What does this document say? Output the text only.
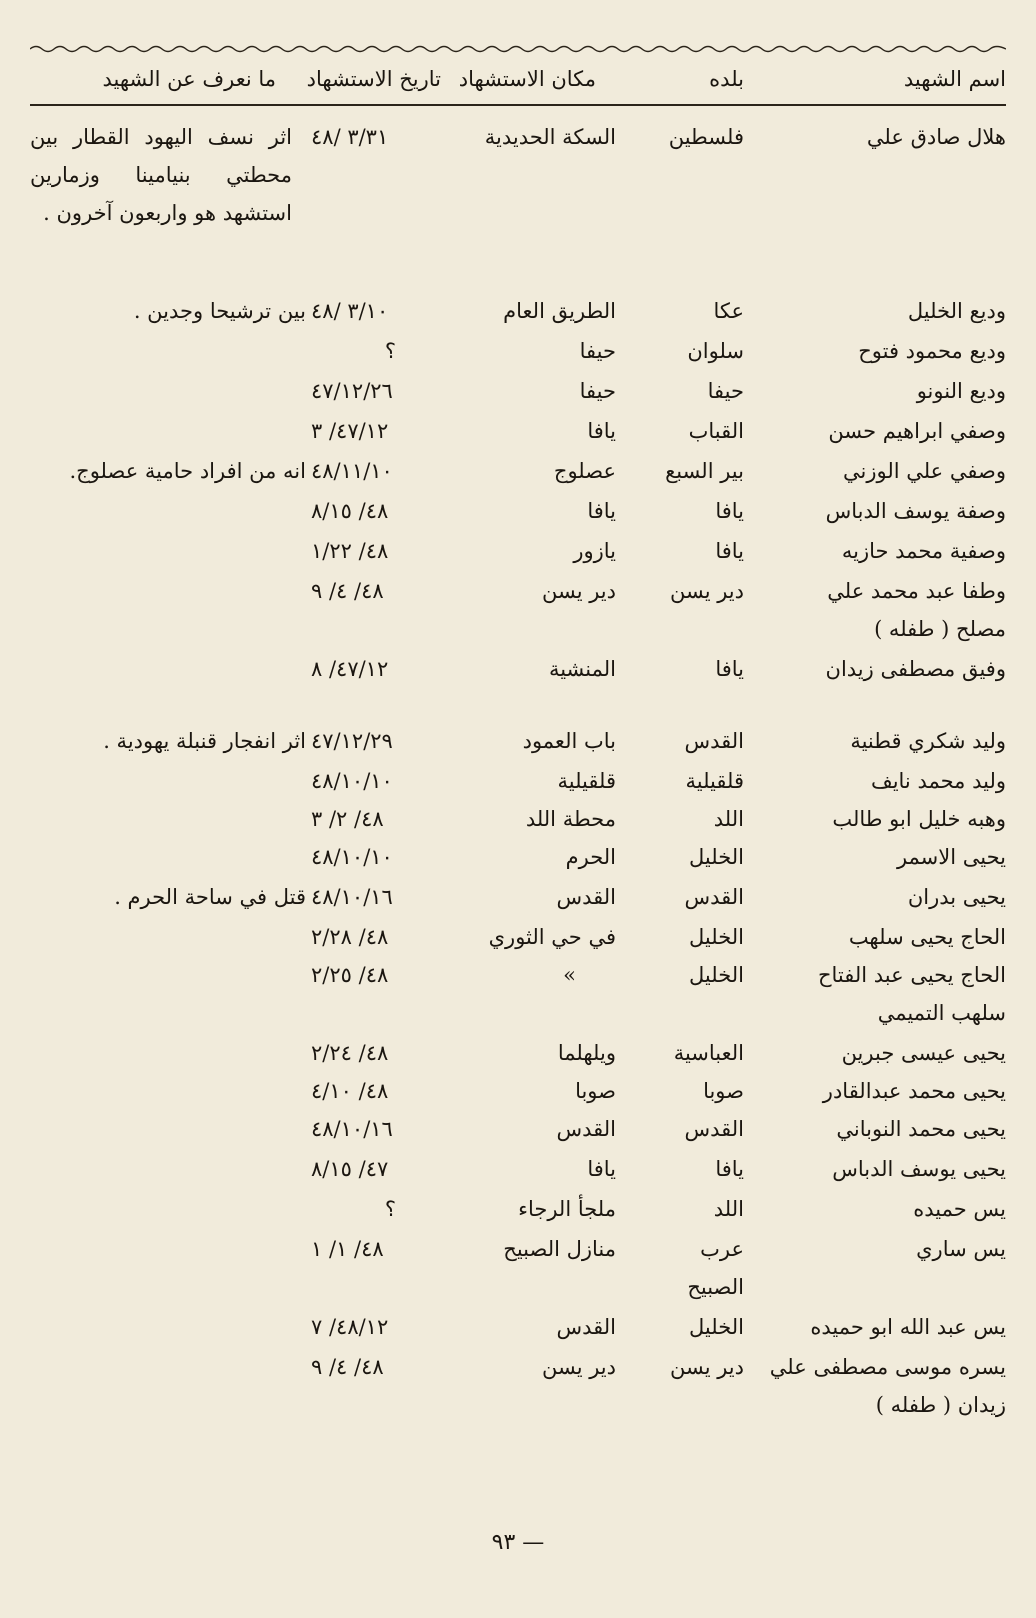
اسم الشهيد
بلده
مكان الاستشهاد
تاريخ الاستشهاد
ما نعرف عن الشهيد
هلال صادق علي
فلسطين
السكة الحديدية
٣/٣١ /٤٨
اثر نسف اليهود القطار بين محطتي بنيامينا وزمارين استشهد هو واربعون آخرون .
وديع الخليل
عكا
الطريق العام
٣/١٠ /٤٨
بين ترشيحا وجدين .
وديع محمود فتوح
سلوان
حيفا
؟
وديع النونو
حيفا
حيفا
٤٧/١٢/٢٦
وصفي ابراهيم حسن
القباب
يافا
٤٧/١٢/ ٣
وصفي علي الوزني
بير السبع
عصلوج
٤٨/١١/١٠
انه من افراد حامية عصلوج.
وصفة يوسف الدباس
يافا
يافا
٤٨/ ٨/١٥
وصفية محمد حازيه
يافا
يازور
٤٨/ ١/٢٢
وطفا عبد محمد علي
دير يسن
دير يسن
٤٨/ ٤/ ٩
مصلح ( طفله )
وفيق مصطفى زيدان
يافا
المنشية
٤٧/١٢/ ٨
وليد شكري قطنية
القدس
باب العمود
٤٧/١٢/٢٩
اثر انفجار قنبلة يهودية .
وليد محمد نايف
قلقيلية
قلقيلية
٤٨/١٠/١٠
وهبه خليل ابو طالب
اللد
محطة اللد
٤٨/ ٢/ ٣
يحيى الاسمر
الخليل
الحرم
٤٨/١٠/١٠
يحيى بدران
القدس
القدس
٤٨/١٠/١٦
قتل في ساحة الحرم .
الحاج يحيى سلهب
الخليل
في حي الثوري
٤٨/ ٢/٢٨
الحاج يحيى عبد الفتاح
الخليل
»
٤٨/ ٢/٢٥
سلهب التميمي
يحيى عيسى جبرين
العباسية
ويلهلما
٤٨/ ٢/٢٤
يحيى محمد عبدالقادر
صوبا
صوبا
٤٨/ ٤/١٠
يحيى محمد النوباني
القدس
القدس
٤٨/١٠/١٦
يحيى يوسف الدباس
يافا
يافا
٤٧/ ٨/١٥
يس حميده
اللد
ملجأ الرجاء
؟
يس ساري
عرب
منازل الصبيح
٤٨/ ١/ ١
الصبيح
يس عبد الله ابو حميده
الخليل
القدس
٤٨/١٢/ ٧
يسره موسى مصطفى علي
دير يسن
دير يسن
٤٨/ ٤/ ٩
زيدان ( طفله )
— ٩٣
